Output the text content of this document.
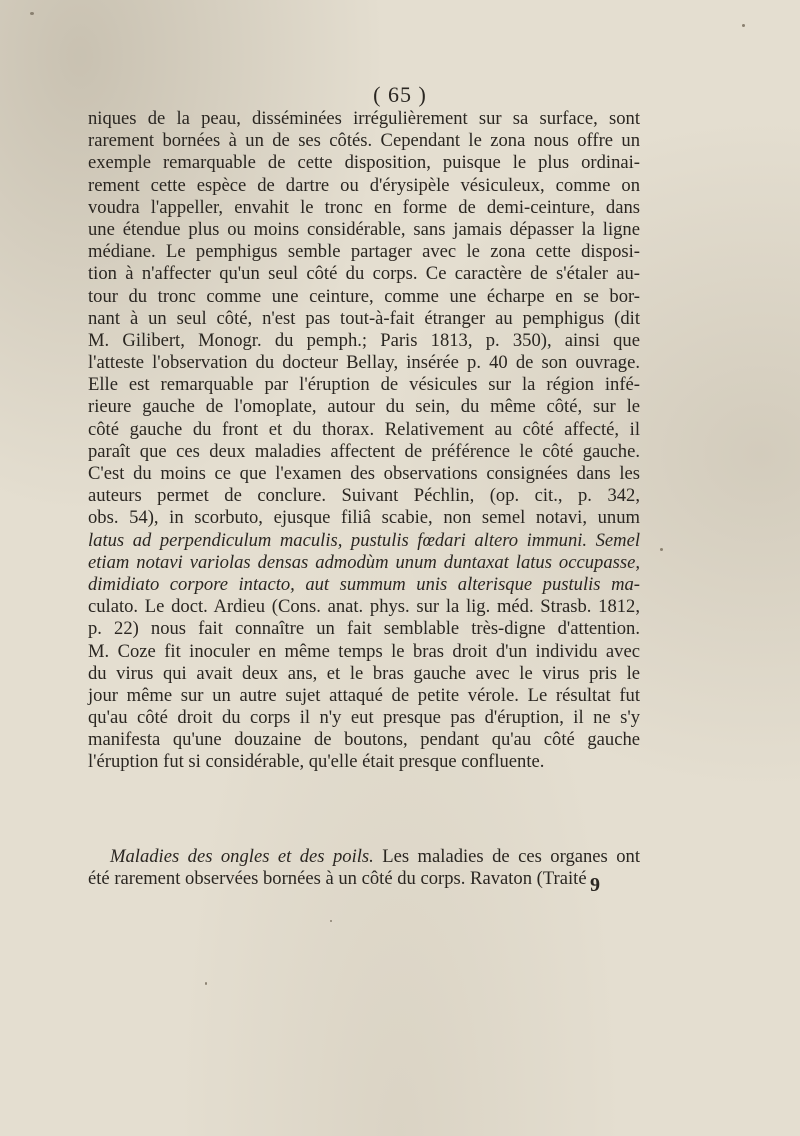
( 65 )
niques de la peau, disséminées irrégulièrement sur sa surface, sont
rarement bornées à un de ses côtés. Cependant le zona nous offre un
exemple remarquable de cette disposition, puisque le plus ordinai-
rement cette espèce de dartre ou d'érysipèle vésiculeux, comme on
voudra l'appeller, envahit le tronc en forme de demi-ceinture, dans
une étendue plus ou moins considérable, sans jamais dépasser la ligne
médiane. Le pemphigus semble partager avec le zona cette disposi-
tion à n'affecter qu'un seul côté du corps. Ce caractère de s'étaler au-
tour du tronc comme une ceinture, comme une écharpe en se bor-
nant à un seul côté, n'est pas tout-à-fait étranger au pemphigus (dit
M. Gilibert, Monogr. du pemph.; Paris 1813, p. 350), ainsi que
l'atteste l'observation du docteur Bellay, insérée p. 40 de son ouvrage.
Elle est remarquable par l'éruption de vésicules sur la région infé-
rieure gauche de l'omoplate, autour du sein, du même côté, sur le
côté gauche du front et du thorax. Relativement au côté affecté, il
paraît que ces deux maladies affectent de préférence le côté gauche.
C'est du moins ce que l'examen des observations consignées dans les
auteurs permet de conclure. Suivant Péchlin, (op. cit., p. 342,
obs. 54), in scorbuto, ejusque filiâ scabie, non semel notavi, unum
latus ad perpendiculum maculis, pustulis fœdari altero immuni. Semel
etiam notavi variolas densas admodùm unum duntaxat latus occupasse,
dimidiato corpore intacto, aut summum unis alterisque pustulis ma-
culato. Le doct. Ardieu (Cons. anat. phys. sur la lig. méd. Strasb. 1812,
p. 22) nous fait connaître un fait semblable très-digne d'attention.
M. Coze fit inoculer en même temps le bras droit d'un individu avec
du virus qui avait deux ans, et le bras gauche avec le virus pris le
jour même sur un autre sujet attaqué de petite vérole. Le résultat fut
qu'au côté droit du corps il n'y eut presque pas d'éruption, il ne s'y
manifesta qu'une douzaine de boutons, pendant qu'au côté gauche
l'éruption fut si considérable, qu'elle était presque confluente.
Maladies des ongles et des poils. Les maladies de ces organes ont
été rarement observées bornées à un côté du corps. Ravaton (Traité 9
